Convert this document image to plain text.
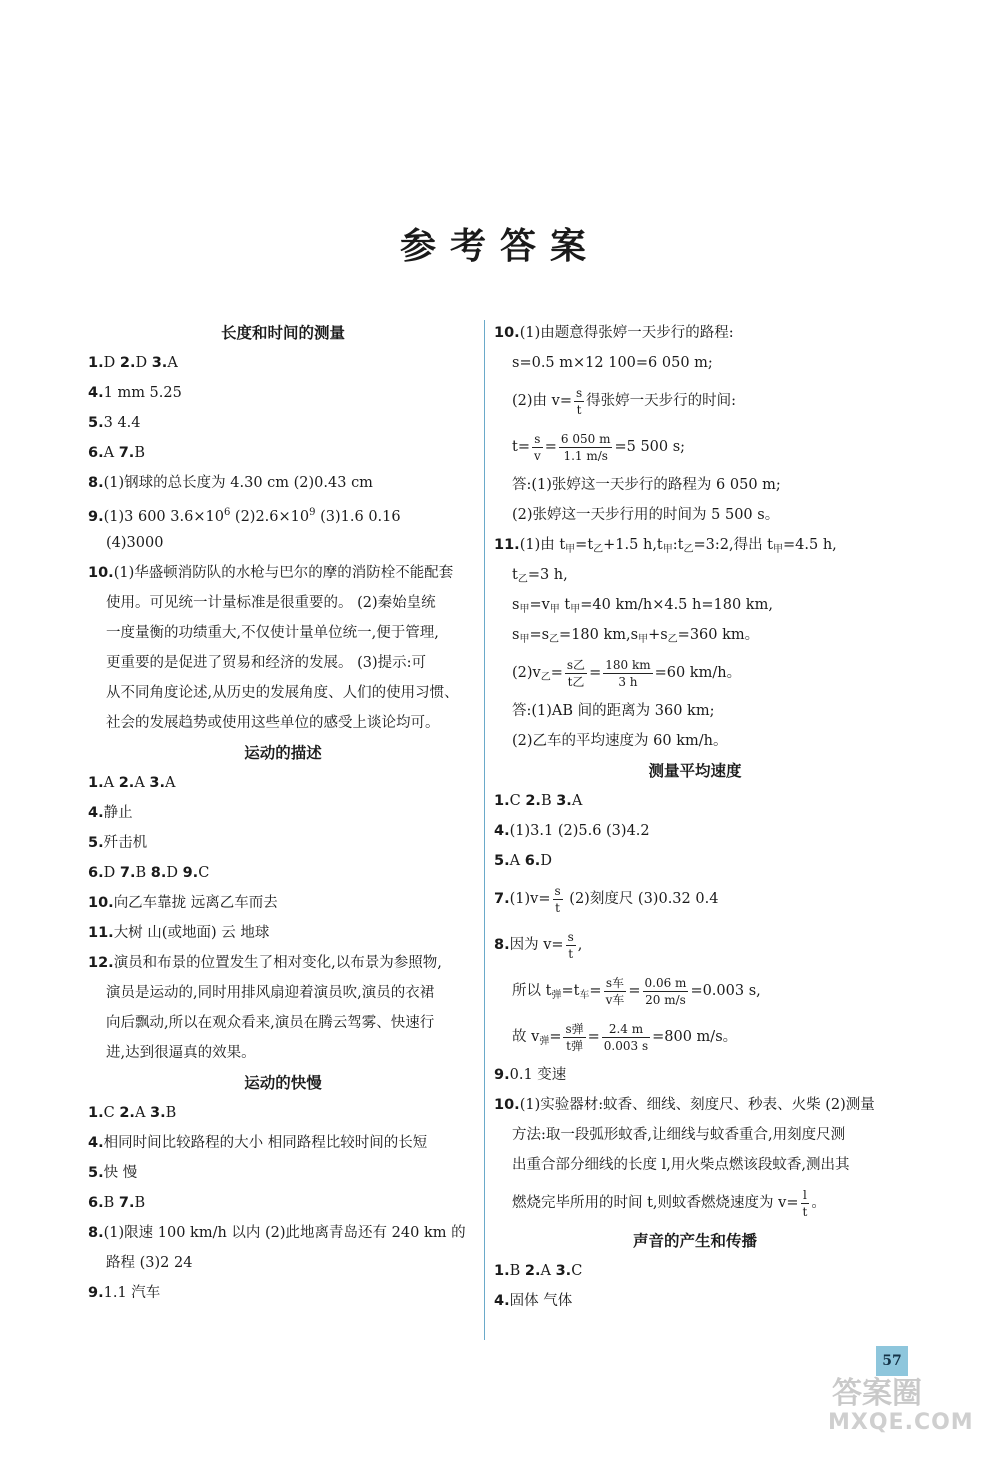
参考答案
长度和时间的测量
1.D 2.D 3.A
4.1 mm 5.25
5.3 4.4
6.A 7.B
8.(1)钢球的总长度为 4.30 cm (2)0.43 cm
9.(1)3 600 $3.6\times 10^6$ $(2)2.6\times 10^9$ (3)1.6 0.16
(4)3000
10.(1)华盛顿消防队的水枪与巴尔的摩的消防栓不能配套
使用。可见统一计量标准是很重要的。 (2)秦始皇统
一度量衡的功绩重大,不仅使计量单位统一,便于管理,
更重要的是促进了贸易和经济的发展。 (3)提示:可
从不同角度论述,从历史的发展角度、人们的使用习惯、
社会的发展趋势或使用这些单位的感受上谈论均可。
运动的描述
1.A 2.A 3.A
4.静止
5.歼击机
6.D 7.B 8.D 9.C
10.向乙车靠拢 远离乙车而去
11.大树 山(或地面) 云 地球
12.演员和布景的位置发生了相对变化,以布景为参照物,
演员是运动的,同时用排风扇迎着演员吹,演员的衣裙
向后飘动,所以在观众看来,演员在腾云驾雾、快速行
进,达到很逼真的效果。
运动的快慢
1.C 2.A 3.B
4.相同时间比较路程的大小 相同路程比较时间的长短
5.快 慢
6.B 7.B
8.(1)限速 100 km/h 以内 (2)此地离青岛还有 240 km 的
路程 (3)2 24
9.1.1 汽车
10.(1)由题意得张婷一天步行的路程:
s=0.5 m×12 100=6 050 m;
(2)由 $v= \frac{s}{t}$ 得张婷一天步行的时间:
$t= \frac{s}{v} = \frac{6 050 m}{1.1 m/s} =5$ 500 s;
答:(1)张婷这一天步行的路程为 6 050 m;
(2)张婷这一天步行用的时间为 5 500 s。
11.(1)由 $t_甲=t_乙+1.5$ $h,t_甲:t_乙=3:2$,得出 $t_甲=4.5$ h,
$t_乙=3$ h,
$s_甲=v_甲$ $t_甲=40$ km/h×4.5 h=180 km,
$s_甲=s_乙=180$ $km,s_甲+s_乙=360$ km。
$(2)v_乙= \frac{\text{s乙}}{\text{t乙}} = \frac{180 km}{3 h} =60$ km/h。
答:(1)AB 间的距离为 360 km;
(2)乙车的平均速度为 60 km/h。
测量平均速度
1.C 2.B 3.A
4.(1)3.1 (2)5.6 (3)4.2
5.A 6.D
$7.(1)v= \frac{s}{t} (2)$刻度尺 (3)0.32 0.4
8.因为 $v= \frac{s}{t}$ ,
所以 $t_弹=t_车= \frac{\text{s车}}{\text{v车}} = \frac{0.06 m}{20 m/s} =0.003$ s,
故 $v_弹= \frac{\text{s弹}}{\text{t弹}} = \frac{2.4 m}{0.003 s} =800$ m/s。
9.0.1 变速
10.(1)实验器材:蚊香、细线、刻度尺、秒表、火柴 (2)测量
方法:取一段弧形蚊香,让细线与蚊香重合,用刻度尺测
出重合部分细线的长度 l,用火柴点燃该段蚊香,测出其
燃烧完毕所用的时间 t,则蚊香燃烧速度为 $v= \frac{l}{t}$ 。
声音的产生和传播
1.B 2.A 3.C
4.固体 气体
57
答案圈
MXQE.COM
